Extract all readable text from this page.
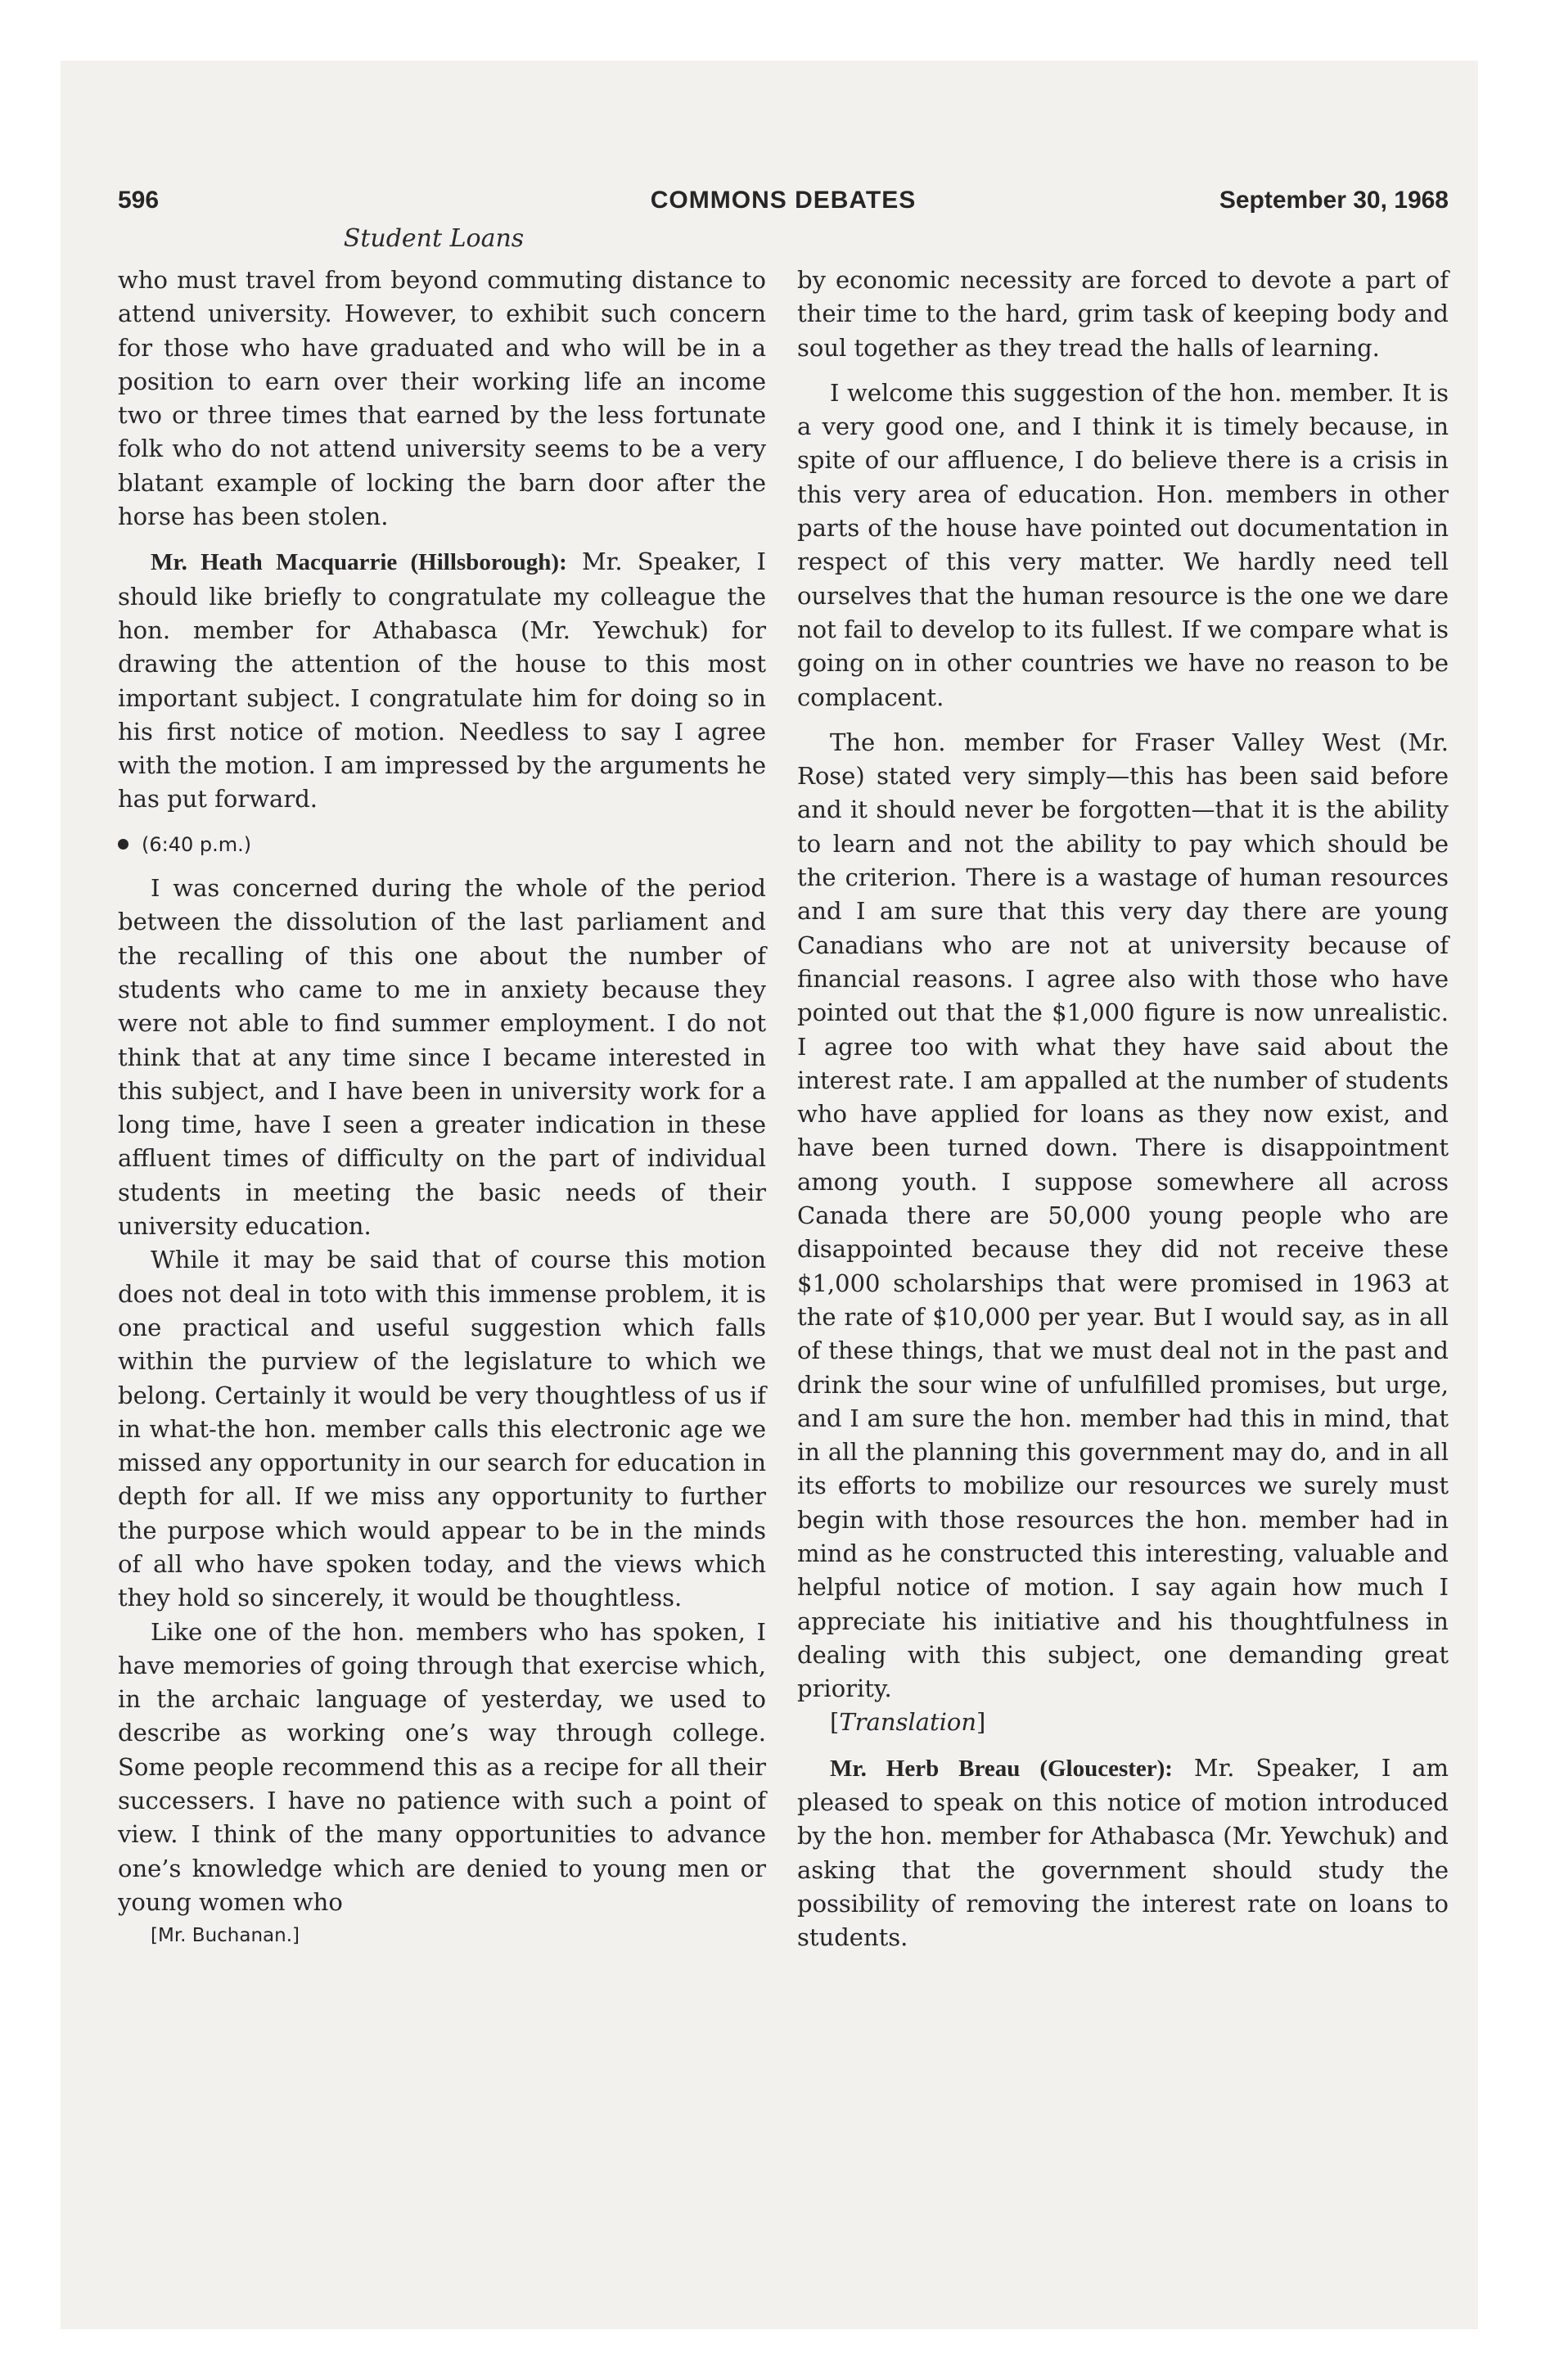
596	COMMONS DEBATES	September 30, 1968
Student Loans

who must travel from beyond commuting distance to attend university. However, to exhibit such concern for those who have graduated and who will be in a position to earn over their working life an income two or three times that earned by the less fortunate folk who do not attend university seems to be a very blatant example of locking the barn door after the horse has been stolen.

Mr. Heath Macquarrie (Hillsborough): Mr. Speaker, I should like briefly to congratulate my colleague the hon. member for Athabasca (Mr. Yewchuk) for drawing the attention of the house to this most important subject. I congratulate him for doing so in his first notice of motion. Needless to say I agree with the motion. I am impressed by the arguments he has put forward.

(6:40 p.m.)

I was concerned during the whole of the period between the dissolution of the last parliament and the recalling of this one about the number of students who came to me in anxiety because they were not able to find summer employment. I do not think that at any time since I became interested in this subject, and I have been in university work for a long time, have I seen a greater indication in these affluent times of difficulty on the part of individual students in meeting the basic needs of their university education.

While it may be said that of course this motion does not deal in toto with this immense problem, it is one practical and useful suggestion which falls within the purview of the legislature to which we belong. Certainly it would be very thoughtless of us if in what-the hon. member calls this electronic age we missed any opportunity in our search for education in depth for all. If we miss any opportunity to further the purpose which would appear to be in the minds of all who have spoken today, and the views which they hold so sincerely, it would be thoughtless.

Like one of the hon. members who has spoken, I have memories of going through that exercise which, in the archaic language of yesterday, we used to describe as working one’s way through college. Some people recommend this as a recipe for all their successers. I have no patience with such a point of view. I think of the many opportunities to advance one’s knowledge which are denied to young men or young women who

[Mr. Buchanan.]

by economic necessity are forced to devote a part of their time to the hard, grim task of keeping body and soul together as they tread the halls of learning.

I welcome this suggestion of the hon. member. It is a very good one, and I think it is timely because, in spite of our affluence, I do believe there is a crisis in this very area of education. Hon. members in other parts of the house have pointed out documentation in respect of this very matter. We hardly need tell ourselves that the human resource is the one we dare not fail to develop to its fullest. If we compare what is going on in other countries we have no reason to be complacent.

The hon. member for Fraser Valley West (Mr. Rose) stated very simply—this has been said before and it should never be forgotten—that it is the ability to learn and not the ability to pay which should be the criterion. There is a wastage of human resources and I am sure that this very day there are young Canadians who are not at university because of financial reasons. I agree also with those who have pointed out that the $1,000 figure is now unrealistic. I agree too with what they have said about the interest rate. I am appalled at the number of students who have applied for loans as they now exist, and have been turned down. There is disappointment among youth. I suppose somewhere all across Canada there are 50,000 young people who are disappointed because they did not receive these $1,000 scholarships that were promised in 1963 at the rate of $10,000 per year. But I would say, as in all of these things, that we must deal not in the past and drink the sour wine of unfulfilled promises, but urge, and I am sure the hon. member had this in mind, that in all the planning this government may do, and in all its efforts to mobilize our resources we surely must begin with those resources the hon. member had in mind as he constructed this interesting, valuable and helpful notice of motion. I say again how much I appreciate his initiative and his thoughtfulness in dealing with this subject, one demanding great priority.

[Translation]

Mr. Herb Breau (Gloucester): Mr. Speaker, I am pleased to speak on this notice of motion introduced by the hon. member for Athabasca (Mr. Yewchuk) and asking that the government should study the possibility of removing the interest rate on loans to students.
